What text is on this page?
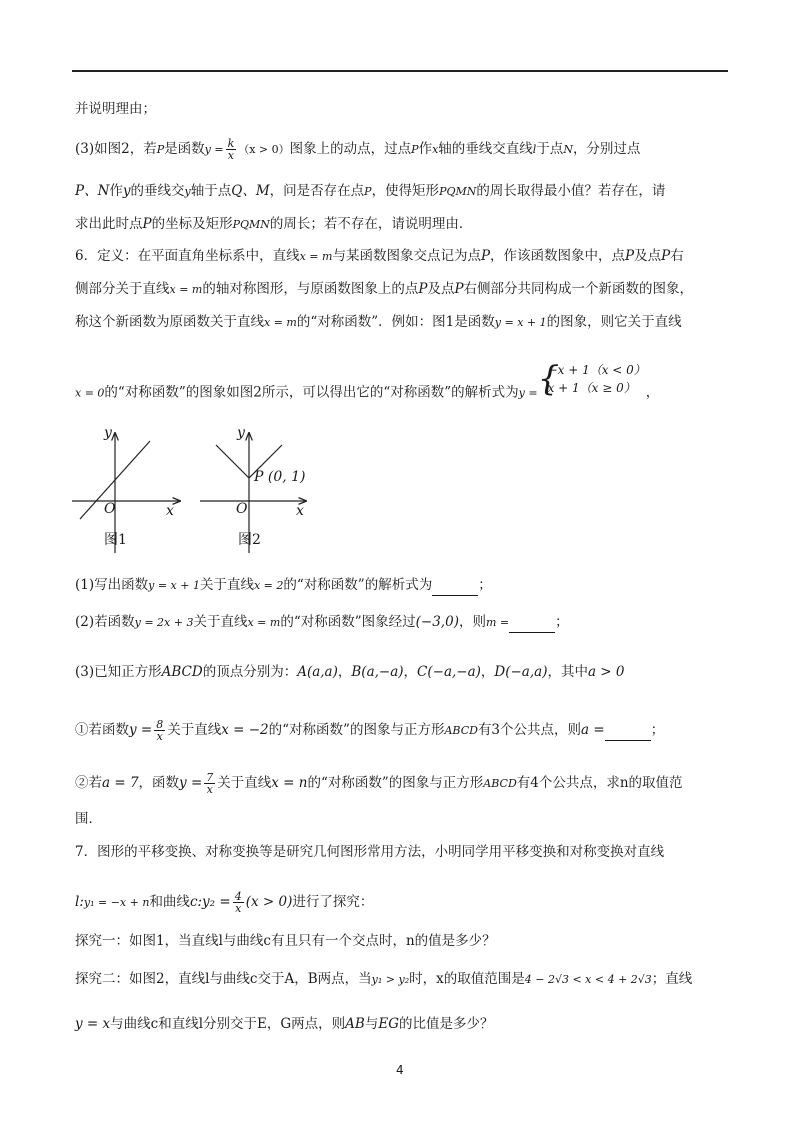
并说明理由；
(3)如图2，若P是函数$y = \frac{k}{x} (x > 0)$图象上的动点，过点P作x轴的垂线交直线l于点N，分别过点
P、N作y的垂线交y轴于点Q、M，问是否存在点P，使得矩形PQMN的周长取得最小值？若存在，请
求出此时点P的坐标及矩形PQMN的周长；若不存在，请说明理由．
6．定义：在平面直角坐标系中，直线x = m与某函数图象交点记为点P，作该函数图象中，点P及点P右
侧部分关于直线x = m的轴对称图形，与原函数图象上的点P及点P右侧部分共同构成一个新函数的图象，
称这个新函数为原函数关于直线x = m的“对称函数”．例如：图1是函数y = x + 1的图象，则它关于直线
x = 0的“对称函数”的图象如图2所示，可以得出它的“对称函数”的解析式为y = {
−x + 1（x < 0）
x + 1（x ≥ 0） ，
y
x
O
图1
y
x
O
P (0, 1)
图2
(1)写出函数y = x + 1关于直线x = 2的“对称函数”的解析式为	；
(2)若函数y = 2x + 3关于直线x = m的“对称函数”图象经过(−3,0)，则m =	；
(3)已知正方形ABCD的顶点分别为：A(a,a)，B(a,−a)，C(−a,−a)，D(−a,a)，其中a > 0
①若函数$y = \frac{8}{x}$ 关于直线x = −2的“对称函数”的图象与正方形ABCD有3个公共点，则a =	；
②若a = 7，函数$y = \frac{7}{x}$ 关于直线x = n的“对称函数”的图象与正方形ABCD有4个公共点，求n的取值范
围．
7．图形的平移变换、对称变换等是研究几何图形常用方法，小明同学用平移变换和对称变换对直线
l:y₁ = −x + n和曲线c:y₂ = $\frac{4}{x} (x > 0)$进行了探究：
探究一：如图1，当直线l与曲线c有且只有一个交点时，n的值是多少？
探究二：如图2，直线l与曲线c交于A，B两点，当y₁ > y₂时，x的取值范围是4 − 2√3 < x < 4 + 2√3；直线
y = x与曲线c和直线l分别交于E，G两点，则AB与EG的比值是多少？
4
